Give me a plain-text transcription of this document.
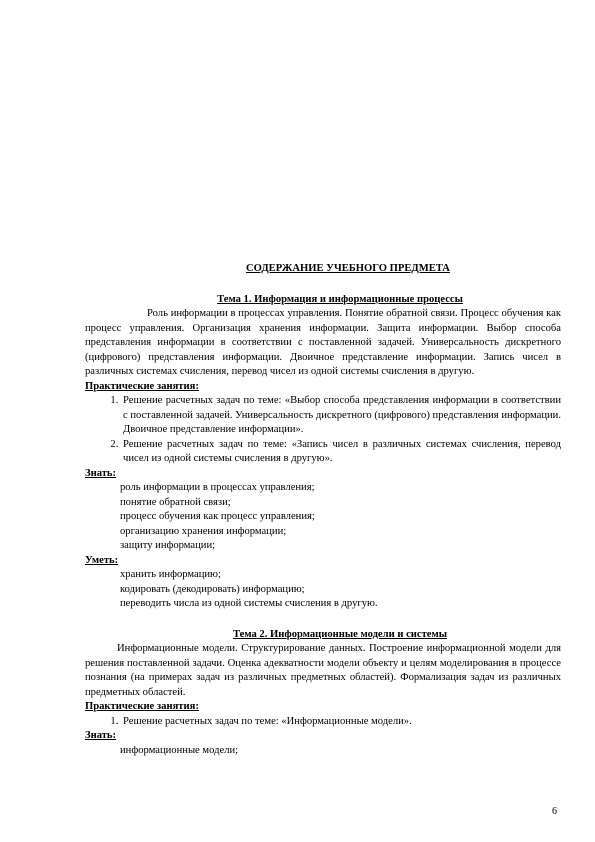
СОДЕРЖАНИЕ УЧЕБНОГО ПРЕДМЕТА

Тема 1. Информация и информационные процессы

Роль информации в процессах управления. Понятие обратной связи. Процесс обучения как процесс управления. Организация хранения информации. Защита информации. Выбор способа представления информации в соответствии с поставленной задачей. Универсальность дискретного (цифрового) представления информации. Двоичное представление информации. Запись чисел в различных системах счисления, перевод чисел из одной системы счисления в другую.

Практические занятия:

1. Решение расчетных задач по теме: «Выбор способа представления информации в соответствии с поставленной задачей. Универсальность дискретного (цифрового) представления информации. Двоичное представление информации».
2. Решение расчетных задач по теме: «Запись чисел в различных системах счисления, перевод чисел из одной системы счисления в другую».

Знать:

роль информации в процессах управления;
понятие обратной связи;
процесс обучения как процесс управления;
организацию хранения информации;
защиту информации;

Уметь:

хранить информацию;
кодировать (декодировать) информацию;
переводить числа из одной системы счисления в другую.

Тема 2. Информационные модели и системы

Информационные модели. Структурирование данных. Построение информационной модели для решения поставленной задачи. Оценка адекватности модели объекту и целям моделирования в процессе познания (на примерах задач из различных предметных областей). Формализация задач из различных предметных областей.

Практические занятия:

1. Решение расчетных задач по теме: «Информационные модели».

Знать:

информационные модели;
6
